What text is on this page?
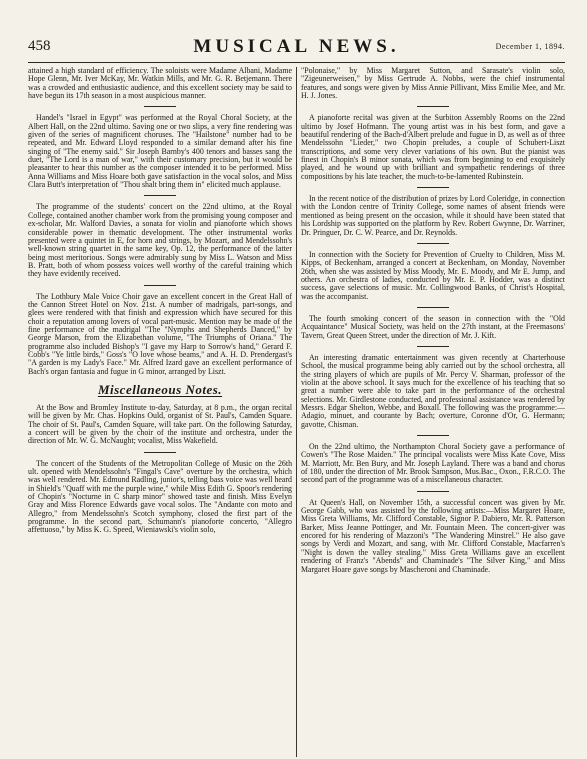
458	MUSICAL NEWS.	December 1, 1894.

attained a high standard of efficiency. The soloists were Madame Albani, Madame Hope Glenn, Mr. Iver McKay, Mr. Watkin Mills, and Mr. G. R. Betjemann. There was a crowded and enthusiastic audience, and this excellent society may be said to have begun its 17th season in a most auspicious manner.

Handel's "Israel in Egypt" was performed at the Royal Choral Society, at the Albert Hall, on the 22nd ultimo. Saving one or two slips, a very fine rendering was given of the series of magnificent choruses. The "Hailstone" number had to be repeated, and Mr. Edward Lloyd responded to a similar demand after his fine singing of "The enemy said." Sir Joseph Barnby's 400 tenors and basses sang the duet, "The Lord is a man of war," with their customary precision, but it would be pleasanter to hear this number as the composer intended it to be performed. Miss Anna Williams and Miss Hoare both gave satisfaction in the vocal solos, and Miss Clara Butt's interpretation of "Thou shalt bring them in" elicited much applause.

The programme of the students' concert on the 22nd ultimo, at the Royal College, contained another chamber work from the promising young composer and ex-scholar, Mr. Walford Davies, a sonata for violin and pianoforte which shows considerable power in thematic development. The other instrumental works presented were a quintet in E, for horn and strings, by Mozart, and Mendelssohn's well-known string quartet in the same key, Op. 12, the performance of the latter being most meritorious. Songs were admirably sung by Miss L. Watson and Miss B. Pratt, both of whom possess voices well worthy of the careful training which they have evidently received.

The Lothbury Male Voice Choir gave an excellent concert in the Great Hall of the Cannon Street Hotel on Nov. 21st. A number of madrigals, part-songs, and glees were rendered with that finish and expression which have secured for this choir a reputation among lovers of vocal part-music. Mention may be made of the fine performance of the madrigal "The "Nymphs and Shepherds Danced," by George Marson, from the Elizabethan volume, "The Triumphs of Oriana." The programme also included Bishop's "I gave my Harp to Sorrow's hand," Gerard F. Cobb's "Ye little birds," Goss's "O love whose beams," and A. H. D. Prendergast's "A garden is my Lady's Face." Mr. Alfred Izard gave an excellent performance of Bach's organ fantasia and fugue in G minor, arranged by Liszt.

Miscellaneous Notes.

At the Bow and Bromley Institute to-day, Saturday, at 8 p.m., the organ recital will be given by Mr. Chas. Hopkins Ould, organist of St. Paul's, Camden Square. The choir of St. Paul's, Camden Square, will take part. On the following Saturday, a concert will be given by the choir of the institute and orchestra, under the direction of Mr. W. G. McNaught; vocalist, Miss Wakefield.

The concert of the Students of the Metropolitan College of Music on the 26th ult. opened with Mendelssohn's "Fingal's Cave" overture by the orchestra, which was well rendered. Mr. Edmund Radling, junior's, telling bass voice was well heard in Shield's "Quaff with me the purple wine," while Miss Edith G. Spoor's rendering of Chopin's "Nocturne in C sharp minor" showed taste and finish. Miss Evelyn Gray and Miss Florence Edwards gave vocal solos. The "Andante con moto and Allegro," from Mendelssohn's Scotch symphony, closed the first part of the programme. In the second part, Schumann's pianoforte concerto, "Allegro affettuoso," by Miss K. G. Speed, Wieniawski's violin solo,

"Polonaise," by Miss Margaret Sutton, and Sarasate's violin solo, "Zigeunerweisen," by Miss Gertrude A. Nobbs, were the chief instrumental features, and songs were given by Miss Annie Pillivant, Miss Emilie Mee, and Mr. H. J. Jones.

A pianoforte recital was given at the Surbiton Assembly Rooms on the 22nd ultimo by Josef Hofmann. The young artist was in his best form, and gave a beautiful rendering of the Bach-d'Albert prelude and fugue in D, as well as of three Mendelssohn "Lieder," two Chopin preludes, a couple of Schubert-Liszt transcriptions, and some very clever variations of his own. But the pianist was finest in Chopin's B minor sonata, which was from beginning to end exquisitely played, and he wound up with brilliant and sympathetic renderings of three compositions by his late teacher, the much-to-be-lamented Rubinstein.

In the recent notice of the distribution of prizes by Lord Coleridge, in connection with the London centre of Trinity College, some names of absent friends were mentioned as being present on the occasion, while it should have been stated that his Lordship was supported on the platform by Rev. Robert Gwynne, Dr. Warriner, Dr. Pringuer, Dr. C. W. Pearce, and Dr. Reynolds.

In connection with the Society for Prevention of Cruelty to Children, Miss M. Kipps, of Beckenham, arranged a concert at Beckenham, on Monday, November 26th, when she was assisted by Miss Moody, Mr. E. Moody, and Mr E. Jump, and others. An orchestra of ladies, conducted by Mr. E. P. Hodder, was a distinct success, gave selections of music. Mr. Collingwood Banks, of Christ's Hospital, was the accompanist.

The fourth smoking concert of the season in connection with the "Old Acquaintance" Musical Society, was held on the 27th instant, at the Freemasons' Tavern, Great Queen Street, under the direction of Mr. J. Kift.

An interesting dramatic entertainment was given recently at Charterhouse School, the musical programme being ably carried out by the school orchestra, all the string players of which are pupils of Mr. Percy V. Sharman, professor of the violin at the above school. It says much for the excellence of his teaching that so great a number were able to take part in the performance of the orchestral selections. Mr. Girdlestone conducted, and professional assistance was rendered by Messrs. Edgar Shelton, Webbe, and Boxall. The following was the programme:—Adagio, minuet, and courante by Bach; overture, Coronne d'Or, G. Hermann; gavotte, Chisman.

On the 22nd ultimo, the Northampton Choral Society gave a performance of Cowen's "The Rose Maiden." The principal vocalists were Miss Kate Cove, Miss M. Marriott, Mr. Ben Bury, and Mr. Joseph Layland. There was a band and chorus of 180, under the direction of Mr. Brook Sampson, Mus.Bac., Oxon., F.R.C.O. The second part of the programme was of a miscellaneous character.

At Queen's Hall, on November 15th, a successful concert was given by Mr. George Gabb, who was assisted by the following artists:—Miss Margaret Hoare, Miss Greta Williams, Mr. Clifford Constable, Signor P. Dabiero, Mr. R. Patterson Barker, Miss Jeanne Pottinger, and Mr. Fountain Meen. The concert-giver was encored for his rendering of Mazzoni's "The Wandering Minstrel." He also gave songs by Verdi and Mozart, and sang, with Mr. Clifford Constable, Macfarren's "Night is down the valley stealing." Miss Greta Williams gave an excellent rendering of Franz's "Abends" and Chaminade's "The Silver King," and Miss Margaret Hoare gave songs by Mascheroni and Chaminade.
